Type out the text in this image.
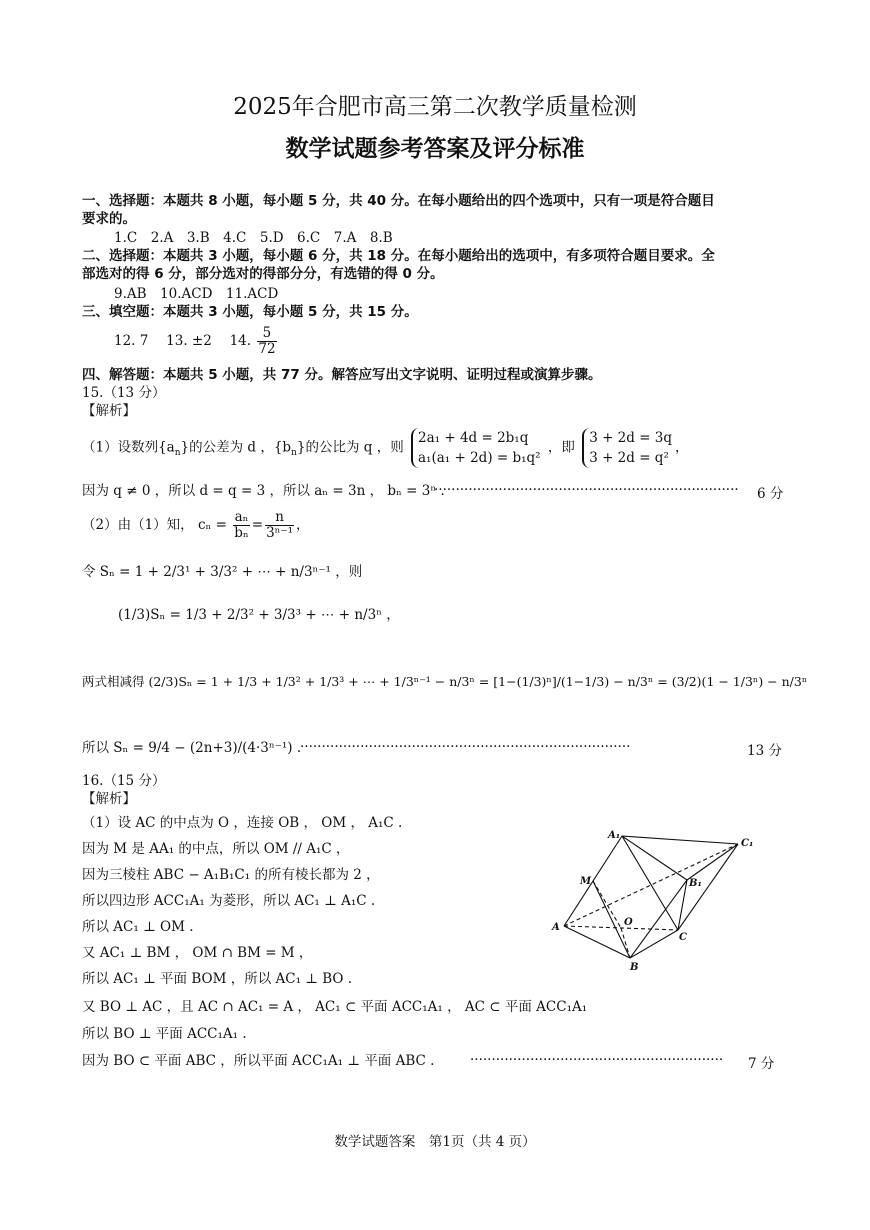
2025年合肥市高三第二次教学质量检测
数学试题参考答案及评分标准
一、选择题：本题共 8 小题，每小题 5 分，共 40 分。在每小题给出的四个选项中，只有一项是符合题目
要求的。
1.C　2.A　3.B　4.C　5.D　6.C　7.A　8.B
二、选择题：本题共 3 小题，每小题 6 分，共 18 分。在每小题给出的选项中，有多项符合题目要求。全
部选对的得 6 分，部分选对的得部分分，有选错的得 0 分。
9.AB　10.ACD　11.ACD
三、填空题：本题共 3 小题，每小题 5 分，共 15 分。
12. 7　 13. ±2　 14. $\frac{5}{72}$
四、解答题：本题共 5 小题，共 77 分。解答应写出文字说明、证明过程或演算步骤。
15.（13 分）
【解析】
（1）设数列$\{a_n\}$的公差为 d ，$\{b_n\}$的公比为 q ，则
2a₁ + 4d = 2b₁q
a₁(a₁ + 2d) = b₁q²
，即
3 + 2d = 3q
3 + 2d = q²
，
因为 q ≠ 0 ，所以 d = q = 3 ，所以 aₙ = 3n ， bₙ = 3ⁿ .
······································································· 6 分
（2）由（1）知， $c_n = \frac{\text{aₙ}}{\text{bₙ}} = \frac{n}{\text{3ⁿ⁻¹}}$ ，
令 Sₙ = 1 + 2/3¹ + 3/3² + ⋯ + n/3ⁿ⁻¹ ，则
(1/3)Sₙ = 1/3 + 2/3² + 3/3³ + ⋯ + n/3ⁿ ，
两式相减得 (2/3)Sₙ = 1 + 1/3 + 1/3² + 1/3³ + ⋯ + 1/3ⁿ⁻¹ − n/3ⁿ = [1−(1/3)ⁿ]/(1−1/3) − n/3ⁿ = (3/2)(1 − 1/3ⁿ) − n/3ⁿ
所以 Sₙ = 9/4 − (2n+3)/(4·3ⁿ⁻¹) .
·············································································	13 分
16.（15 分）
【解析】
（1）设 AC 的中点为 O ，连接 OB ， OM ， A₁C .
因为 M 是 AA₁ 的中点，所以 OM // A₁C ，
因为三棱柱 ABC − A₁B₁C₁ 的所有棱长都为 2 ，
所以四边形 ACC₁A₁ 为菱形，所以 AC₁ ⊥ A₁C .
所以 AC₁ ⊥ OM .
又 AC₁ ⊥ BM ， OM ∩ BM = M ，
所以 AC₁ ⊥ 平面 BOM ，所以 AC₁ ⊥ BO .
又 BO ⊥ AC ，且 AC ∩ AC₁ = A ， AC₁ ⊂ 平面 ACC₁A₁ ， AC ⊂ 平面 ACC₁A₁
所以 BO ⊥ 平面 ACC₁A₁ .
因为 BO ⊂ 平面 ABC ，所以平面 ACC₁A₁ ⊥ 平面 ABC .	··························································· 7 分
A₁
C₁
B₁
M
O
A
C
B
数学试题答案　第1页（共 4 页）
